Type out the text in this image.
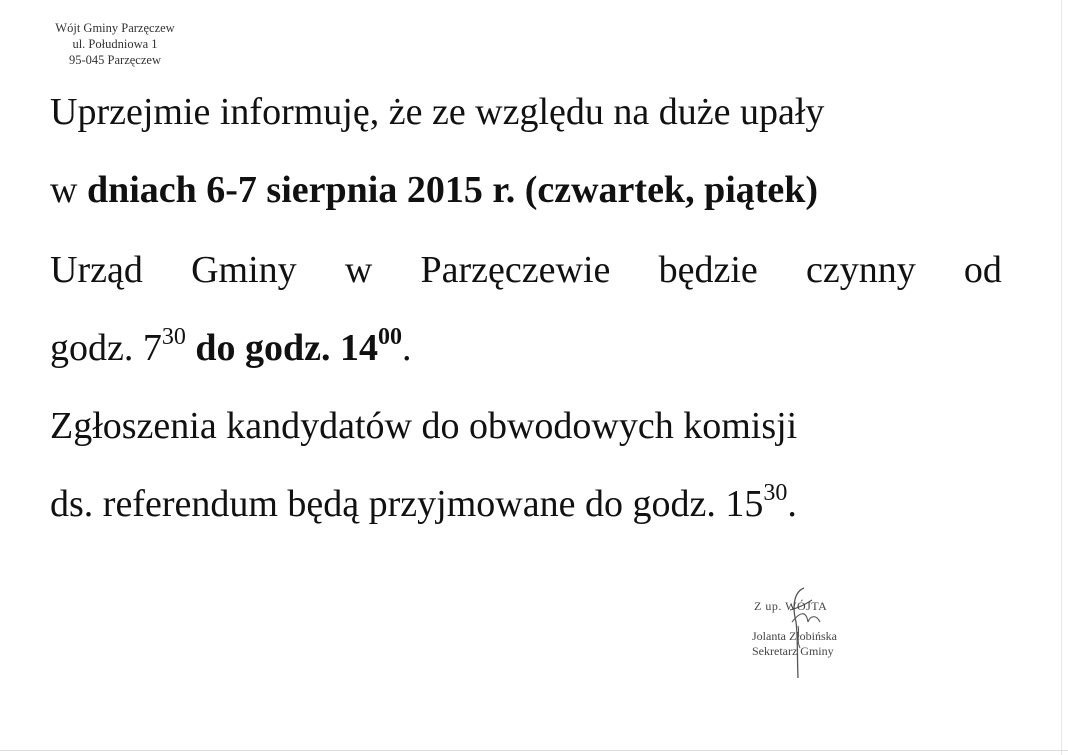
Wójt Gminy Parzęczew
ul. Południowa 1
95-045 Parzęczew
Uprzejmie informuję, że ze względu na duże upały
w dniach 6-7 sierpnia 2015 r. (czwartek, piątek)
Urząd Gminy w Parzęczewie będzie czynny od
godz. $7^{30}$ do godz. $14^{00}$.
Zgłoszenia kandydatów do obwodowych komisji
ds. referendum będą przyjmowane do godz. $15^{30}$.
Z up. WÓJTA
Jolanta Złobińska
Sekretarz Gminy
